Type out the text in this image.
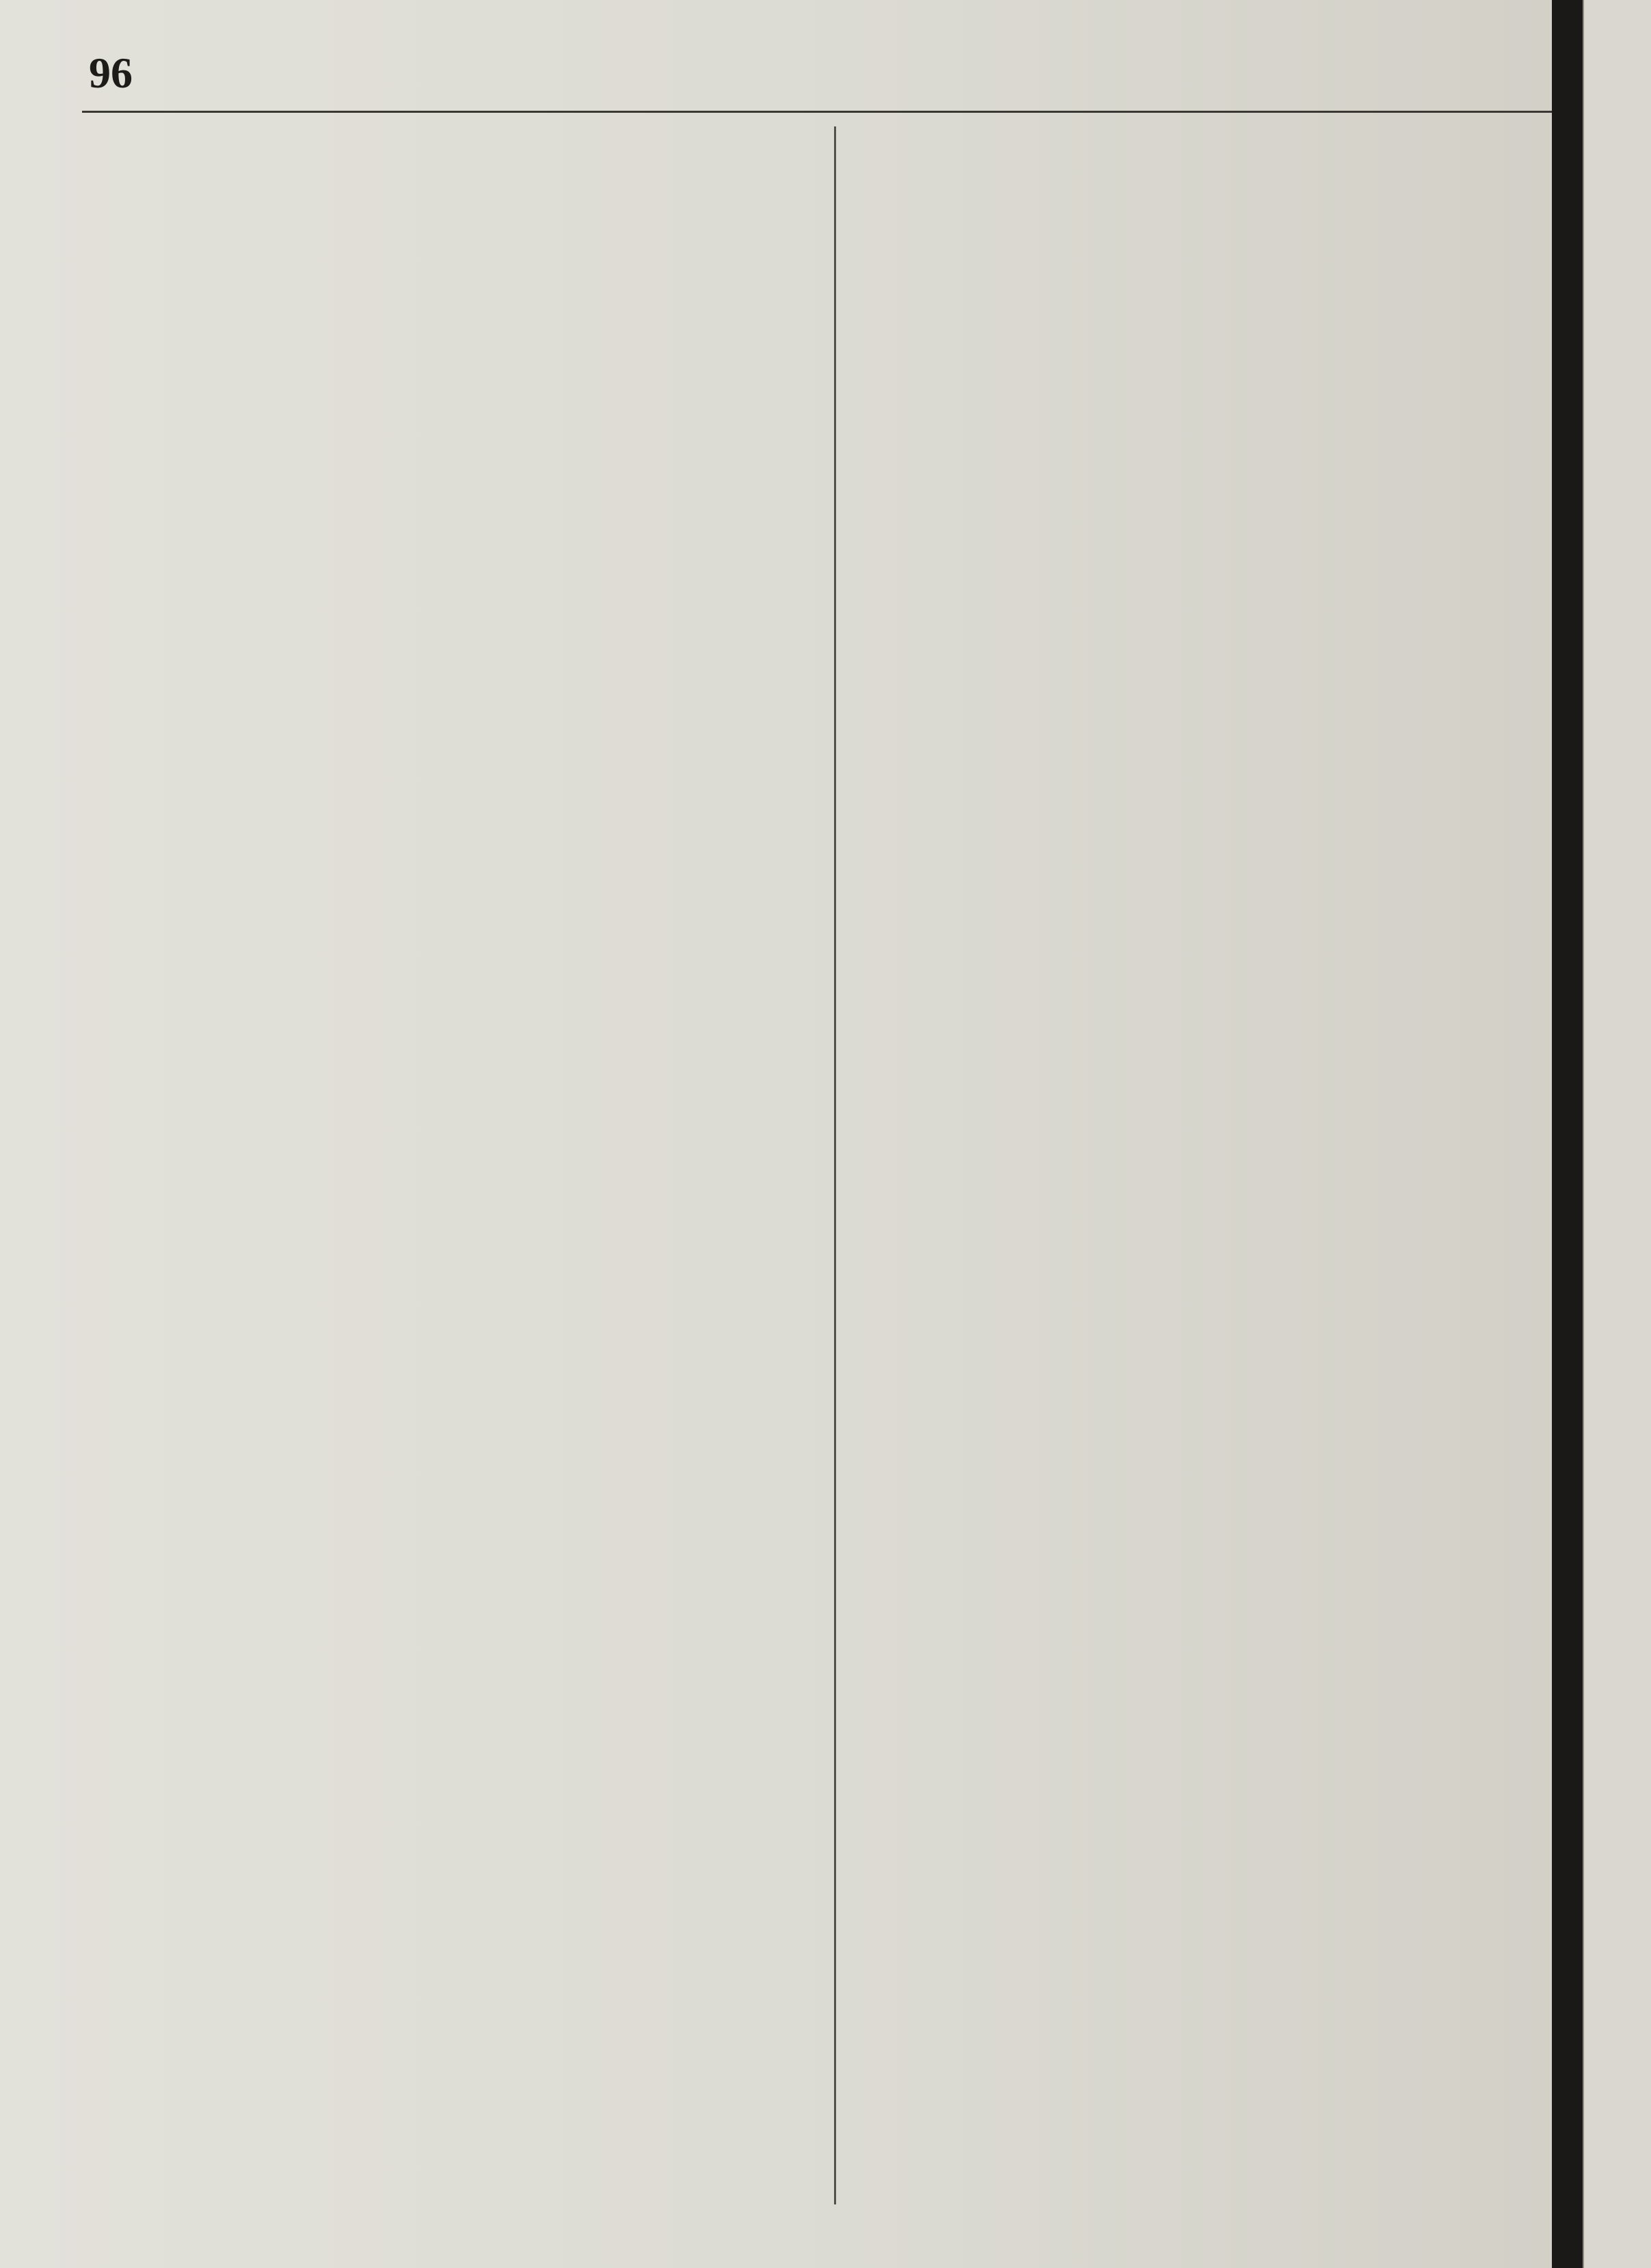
96
